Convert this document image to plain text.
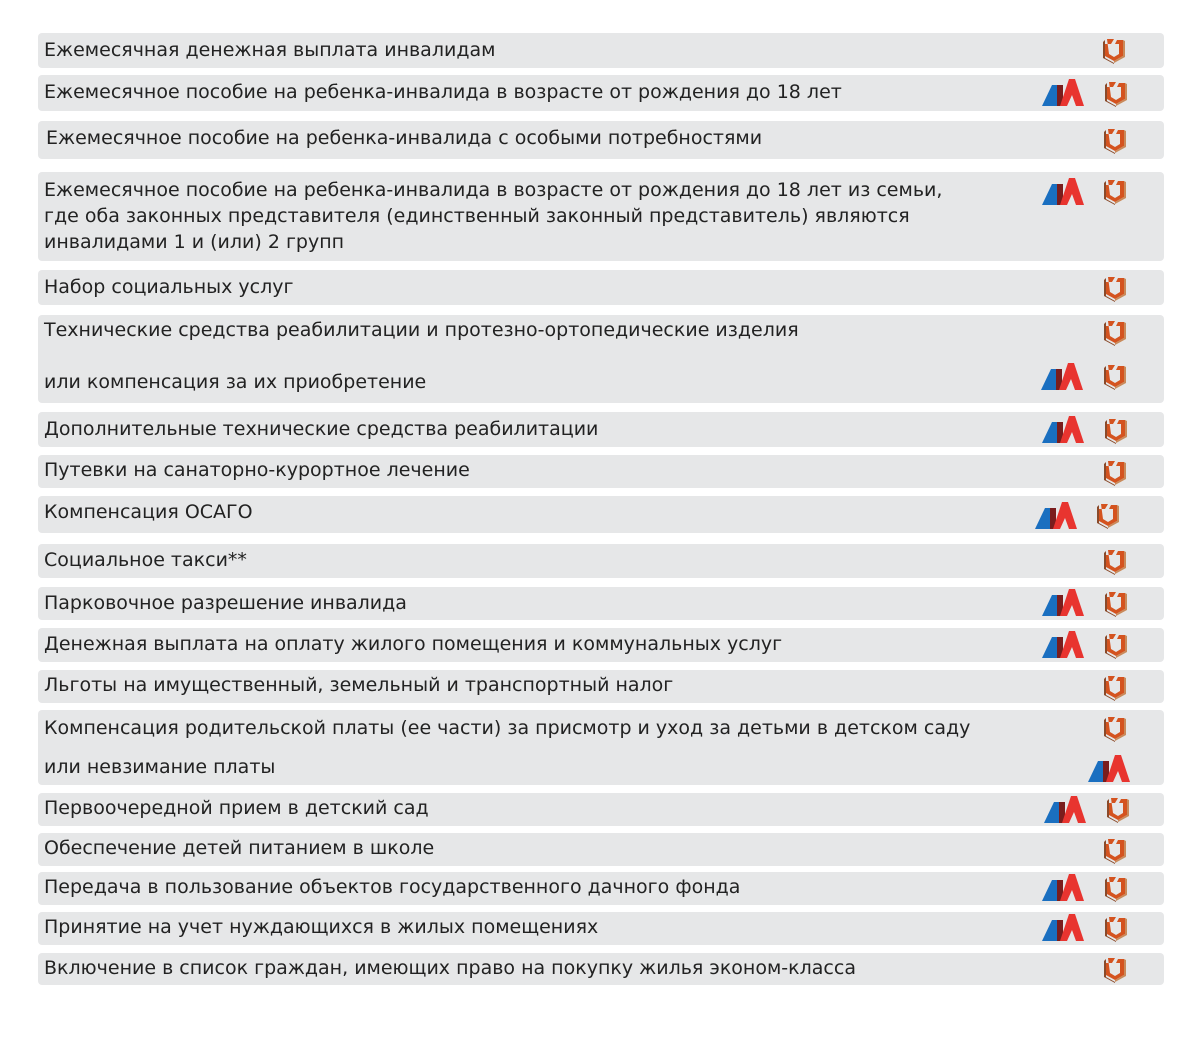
Ежемесячная денежная выплата инвалидам
Ежемесячное пособие на ребенка-инвалида в возрасте от рождения до 18 лет
Ежемесячное пособие на ребенка-инвалида с особыми потребностями
Ежемесячное пособие на ребенка-инвалида в возрасте от рождения до 18 лет из семьи,
где оба законных представителя (единственный законный представитель) являются
инвалидами 1 и (или) 2 групп
Набор социальных услуг
Технические средства реабилитации и протезно-ортопедические изделия
или компенсация за их приобретение
Дополнительные технические средства реабилитации
Путевки на санаторно-курортное лечение
Компенсация ОСАГО
Социальное такси**
Парковочное разрешение инвалида
Денежная выплата на оплату жилого помещения и коммунальных услуг
Льготы на имущественный, земельный и транспортный налог
Компенсация родительской платы (ее части) за присмотр и уход за детьми в детском саду
или невзимание платы
Первоочередной прием в детский сад
Обеспечение детей питанием в школе
Передача в пользование объектов государственного дачного фонда
Принятие на учет нуждающихся в жилых помещениях
Включение в список граждан, имеющих право на покупку жилья эконом-класса
